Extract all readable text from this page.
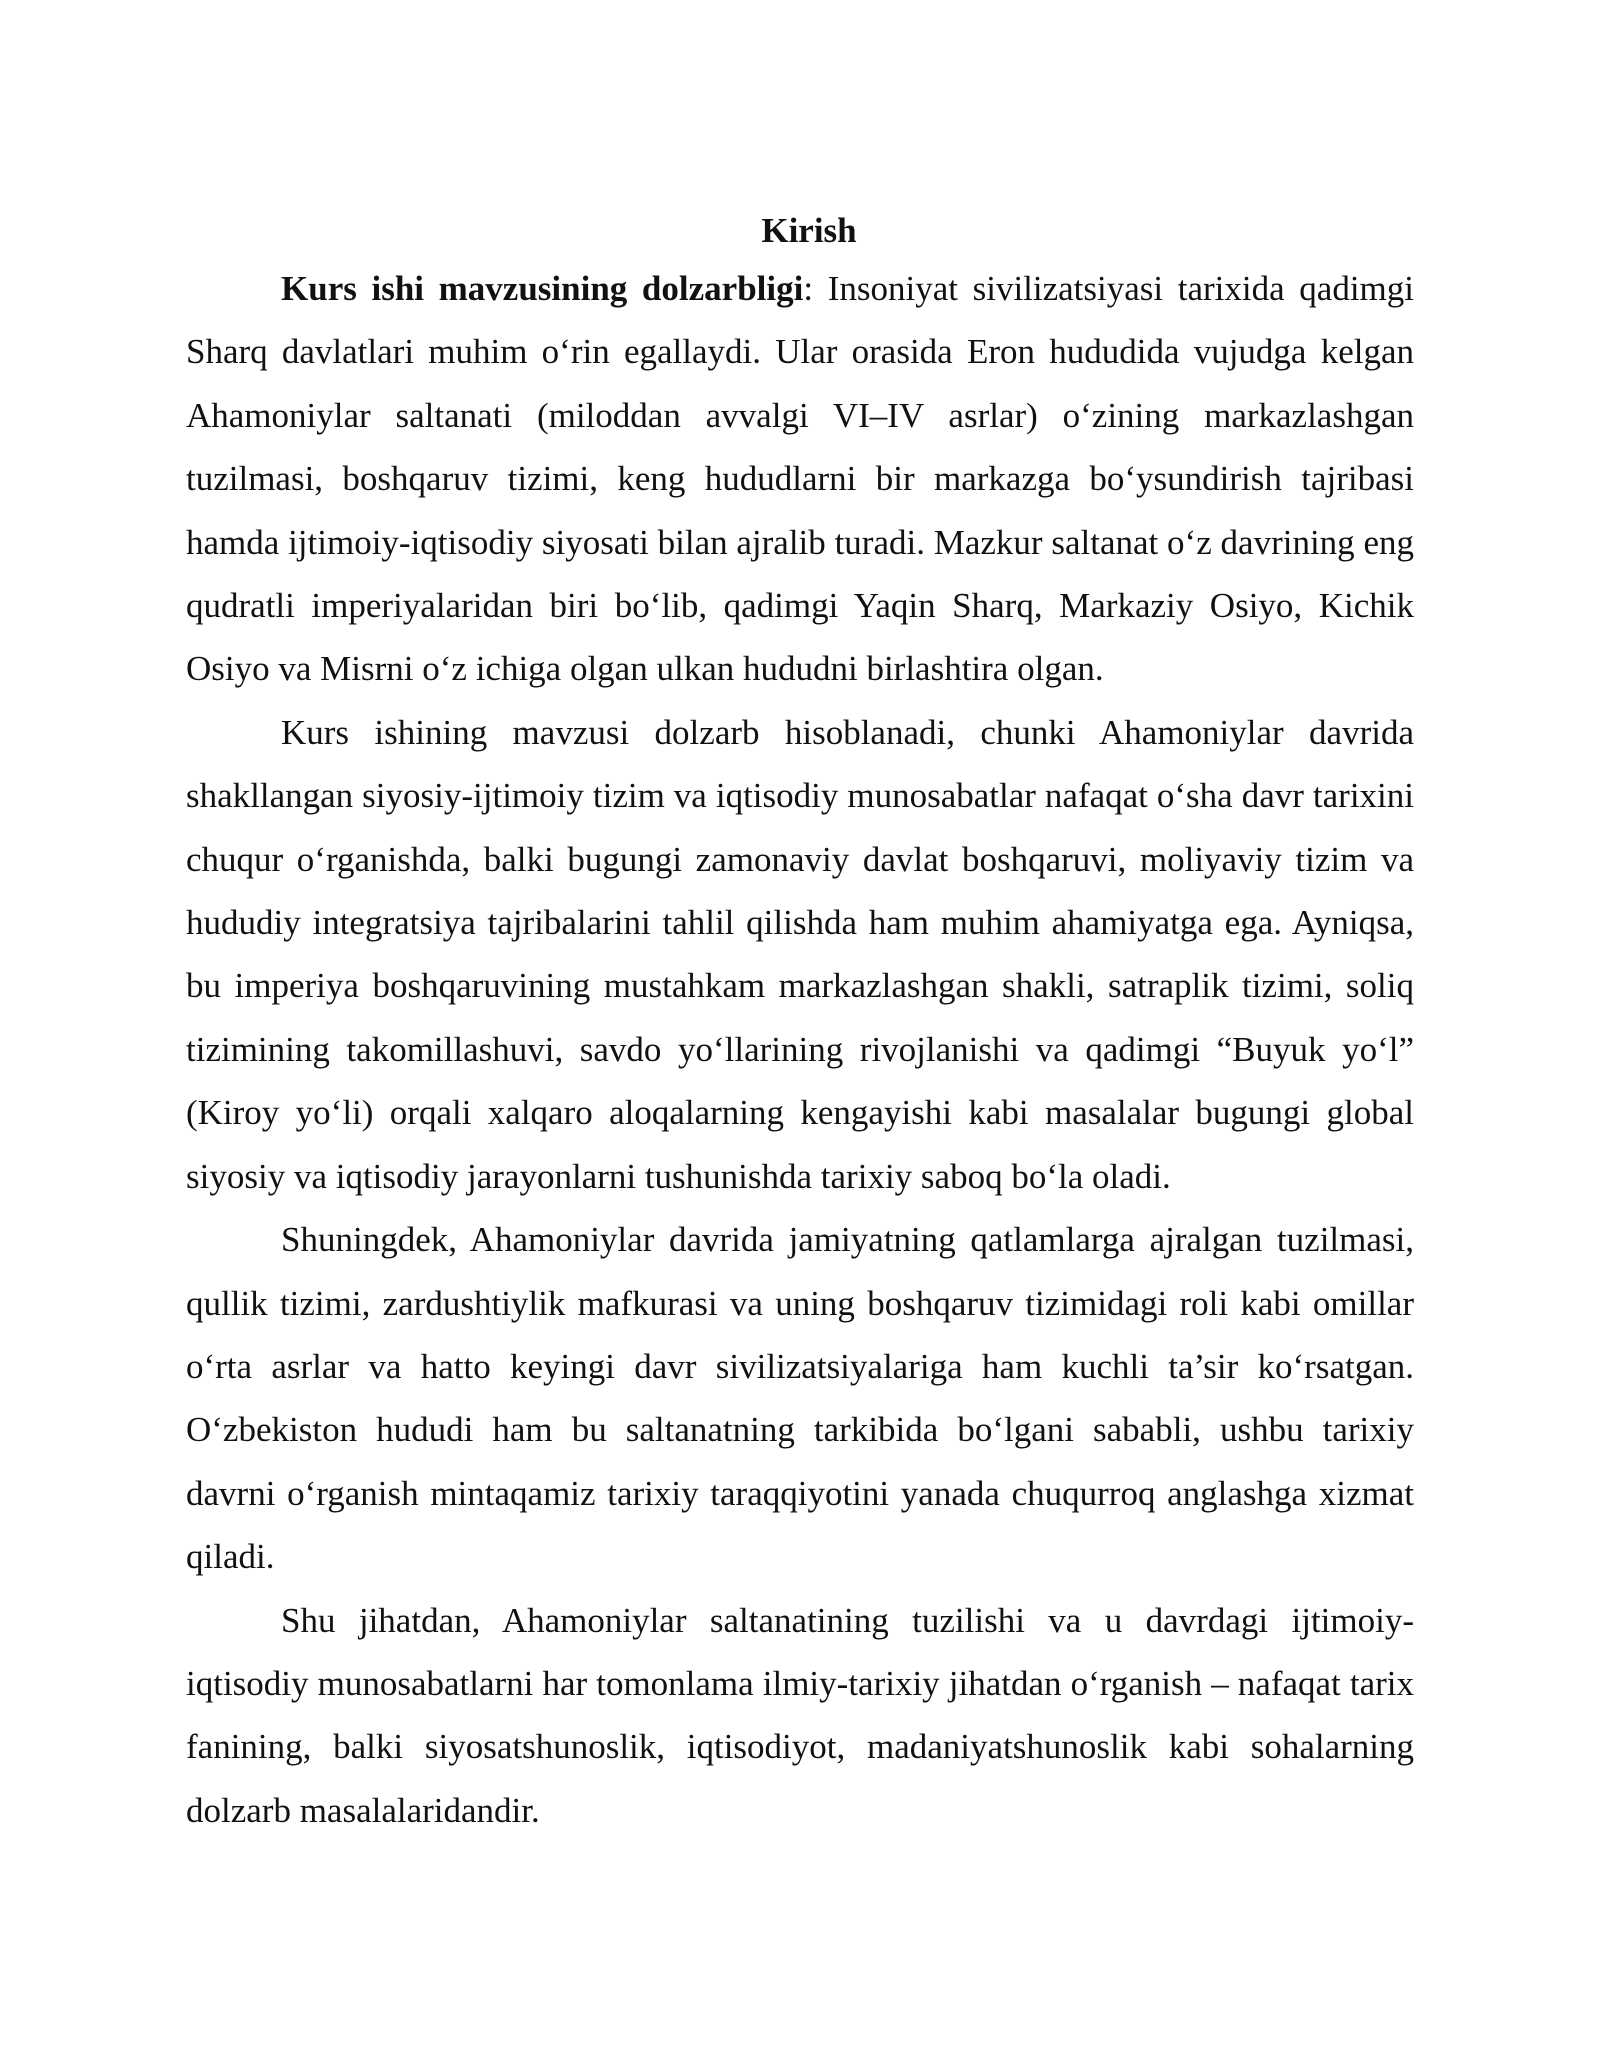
Kirish

Kurs ishi mavzusining dolzarbligi: Insoniyat sivilizatsiyasi tarixida qadimgi Sharq davlatlari muhim o‘rin egallaydi. Ular orasida Eron hududida vujudga kelgan Ahamoniylar saltanati (miloddan avvalgi VI–IV asrlar) o‘zining markazlashgan tuzilmasi, boshqaruv tizimi, keng hududlarni bir markazga bo‘ysundirish tajribasi hamda ijtimoiy-iqtisodiy siyosati bilan ajralib turadi. Mazkur saltanat o‘z davrining eng qudratli imperiyalaridan biri bo‘lib, qadimgi Yaqin Sharq, Markaziy Osiyo, Kichik Osiyo va Misrni o‘z ichiga olgan ulkan hududni birlashtira olgan.

Kurs ishining mavzusi dolzarb hisoblanadi, chunki Ahamoniylar davrida shakllangan siyosiy-ijtimoiy tizim va iqtisodiy munosabatlar nafaqat o‘sha davr tarixini chuqur o‘rganishda, balki bugungi zamonaviy davlat boshqaruvi, moliyaviy tizim va hududiy integratsiya tajribalarini tahlil qilishda ham muhim ahamiyatga ega. Ayniqsa, bu imperiya boshqaruvining mustahkam markazlashgan shakli, satraplik tizimi, soliq tizimining takomillashuvi, savdo yo‘llarining rivojlanishi va qadimgi “Buyuk yo‘l” (Kiroy yo‘li) orqali xalqaro aloqalarning kengayishi kabi masalalar bugungi global siyosiy va iqtisodiy jarayonlarni tushunishda tarixiy saboq bo‘la oladi.

Shuningdek, Ahamoniylar davrida jamiyatning qatlamlarga ajralgan tuzilmasi, qullik tizimi, zardushtiylik mafkurasi va uning boshqaruv tizimidagi roli kabi omillar o‘rta asrlar va hatto keyingi davr sivilizatsiyalariga ham kuchli ta’sir ko‘rsatgan. O‘zbekiston hududi ham bu saltanatning tarkibida bo‘lgani sababli, ushbu tarixiy davrni o‘rganish mintaqamiz tarixiy taraqqiyotini yanada chuqurroq anglashga xizmat qiladi.

Shu jihatdan, Ahamoniylar saltanatining tuzilishi va u davrdagi ijtimoiy-iqtisodiy munosabatlarni har tomonlama ilmiy-tarixiy jihatdan o‘rganish – nafaqat tarix fanining, balki siyosatshunoslik, iqtisodiyot, madaniyatshunoslik kabi sohalarning dolzarb masalalaridandir.
